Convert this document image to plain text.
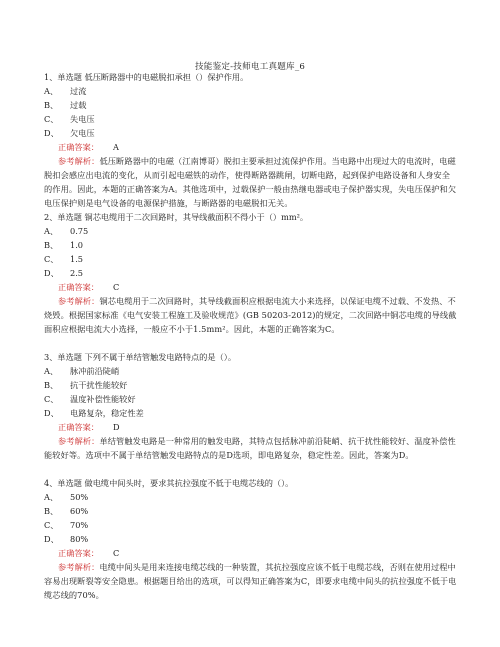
技能鉴定-技师电工真题库_6
1、单选题 低压断路器中的电磁脱扣承担（）保护作用。
A、 过流
B、 过载
C、 失电压
D、 欠电压
正确答案： A
参考解析：低压断路器中的电磁（江南博哥）脱扣主要承担过流保护作用。当电路中出现过大的电流时，电磁脱扣会感应出电流的变化，从而引起电磁铁的动作，使得断路器跳闸，切断电路，起到保护电路设备和人身安全的作用。因此，本题的正确答案为A。其他选项中，过载保护一般由热继电器或电子保护器实现，失电压保护和欠电压保护则是电气设备的电源保护措施，与断路器的电磁脱扣无关。
2、单选题 铜芯电缆用于二次回路时，其导线截面积不得小于（）mm²。
A、 0.75
B、 1.0
C、 1.5
D、 2.5
正确答案： C
参考解析：铜芯电缆用于二次回路时，其导线截面积应根据电流大小来选择，以保证电缆不过载、不发热、不烧毁。根据国家标准《电气安装工程施工及验收规范》(GB 50203-2012)的规定，二次回路中铜芯电缆的导线截面积应根据电流大小选择，一般应不小于1.5mm²。因此，本题的正确答案为C。
3、单选题 下列不属于单结管触发电路特点的是（）。
A、 脉冲前沿陡峭
B、 抗干扰性能较好
C、 温度补偿性能较好
D、 电路复杂，稳定性差
正确答案： D
参考解析：单结管触发电路是一种常用的触发电路，其特点包括脉冲前沿陡峭、抗干扰性能较好、温度补偿性能较好等。选项中不属于单结管触发电路特点的是D选项，即电路复杂，稳定性差。因此，答案为D。
4、单选题 做电缆中间头时，要求其抗拉强度不低于电缆芯线的（）。
A、 50%
B、 60%
C、 70%
D、 80%
正确答案： C
参考解析：电缆中间头是用来连接电缆芯线的一种装置，其抗拉强度应该不低于电缆芯线，否则在使用过程中容易出现断裂等安全隐患。根据题目给出的选项，可以得知正确答案为C，即要求电缆中间头的抗拉强度不低于电缆芯线的70%。
